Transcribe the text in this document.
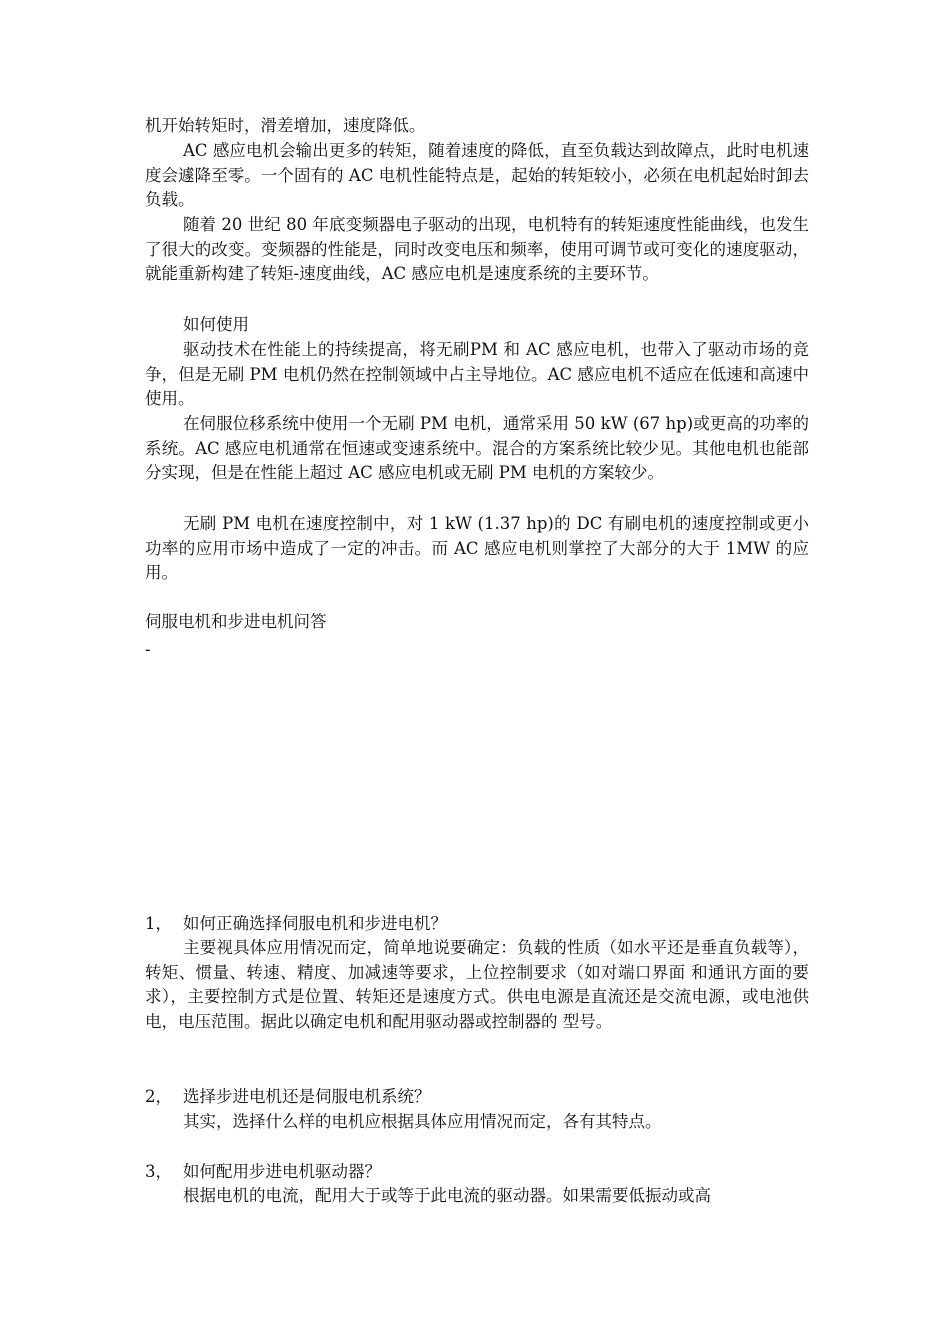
机开始转矩时，滑差增加，速度降低。

AC 感应电机会输出更多的转矩，随着速度的降低，直至负载达到故障点，此时电机速度会遽降至零。一个固有的 AC 电机性能特点是，起始的转矩较小，必须在电机起始时卸去负载。

随着 20 世纪 80 年底变频器电子驱动的出现，电机特有的转矩速度性能曲线，也发生了很大的改变。变频器的性能是，同时改变电压和频率，使用可调节或可变化的速度驱动，就能重新构建了转矩-速度曲线，AC 感应电机是速度系统的主要环节。

如何使用

驱动技术在性能上的持续提高，将无刷PM 和 AC 感应电机，也带入了驱动市场的竞争，但是无刷 PM 电机仍然在控制领域中占主导地位。AC 感应电机不适应在低速和高速中使用。

在伺服位移系统中使用一个无刷 PM 电机，通常采用 50 kW (67 hp)或更高的功率的系统。AC 感应电机通常在恒速或变速系统中。混合的方案系统比较少见。其他电机也能部分实现，但是在性能上超过 AC 感应电机或无刷 PM 电机的方案较少。

无刷 PM 电机在速度控制中，对 1 kW (1.37 hp)的 DC 有刷电机的速度控制或更小功率的应用市场中造成了一定的冲击。而 AC 感应电机则掌控了大部分的大于 1MW 的应用。

伺服电机和步进电机问答

-

1， 如何正确选择伺服电机和步进电机？

主要视具体应用情况而定，简单地说要确定：负载的性质（如水平还是垂直负载等），转矩、惯量、转速、精度、加减速等要求，上位控制要求（如对端口界面 和通讯方面的要求），主要控制方式是位置、转矩还是速度方式。供电电源是直流还是交流电源，或电池供电，电压范围。据此以确定电机和配用驱动器或控制器的 型号。

2， 选择步进电机还是伺服电机系统？

其实，选择什么样的电机应根据具体应用情况而定，各有其特点。

3， 如何配用步进电机驱动器？

根据电机的电流，配用大于或等于此电流的驱动器。如果需要低振动或高
